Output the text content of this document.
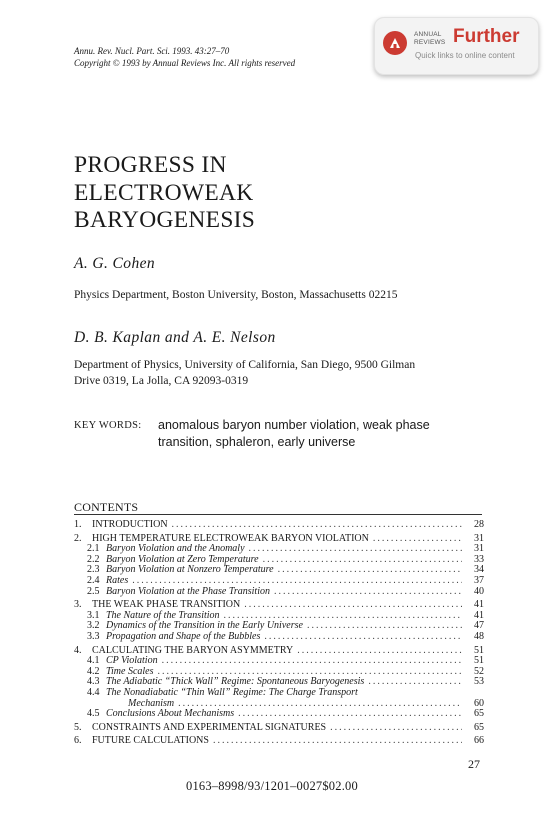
Annu. Rev. Nucl. Part. Sci. 1993. 43:27–70
Copyright © 1993 by Annual Reviews Inc. All rights reserved
ANNUAL
REVIEWS Further
Quick links to online content
PROGRESS IN
ELECTROWEAK
BARYOGENESIS
A. G. Cohen
Physics Department, Boston University, Boston, Massachusetts 02215
D. B. Kaplan and A. E. Nelson
Department of Physics, University of California, San Diego, 9500 Gilman
Drive 0319, La Jolla, CA 92093-0319
KEY WORDS: anomalous baryon number violation, weak phase transition, sphaleron, early universe
CONTENTS
1.	INTRODUCTION .....	28
2.	HIGH TEMPERATURE ELECTROWEAK BARYON VIOLATION .....	31
2.1 Baryon Violation and the Anomaly .....	31
2.2 Baryon Violation at Zero Temperature .....	33
2.3 Baryon Violation at Nonzero Temperature .....	34
2.4 Rates .....	37
2.5 Baryon Violation at the Phase Transition .....	40
3.	THE WEAK PHASE TRANSITION .....	41
3.1 The Nature of the Transition .....	41
3.2 Dynamics of the Transition in the Early Universe .....	47
3.3 Propagation and Shape of the Bubbles .....	48
4.	CALCULATING THE BARYON ASYMMETRY .....	51
4.1 CP Violation .....	51
4.2 Time Scales .....	52
4.3 The Adiabatic “Thick Wall” Regime: Spontaneous Baryogenesis .....	53
4.4 The Nonadiabatic “Thin Wall” Regime: The Charge Transport
Mechanism .....	60
4.5 Conclusions About Mechanisms .....	65
5.	CONSTRAINTS AND EXPERIMENTAL SIGNATURES .....	65
6.	FUTURE CALCULATIONS .....	66
27
0163–8998/93/1201–0027$02.00
